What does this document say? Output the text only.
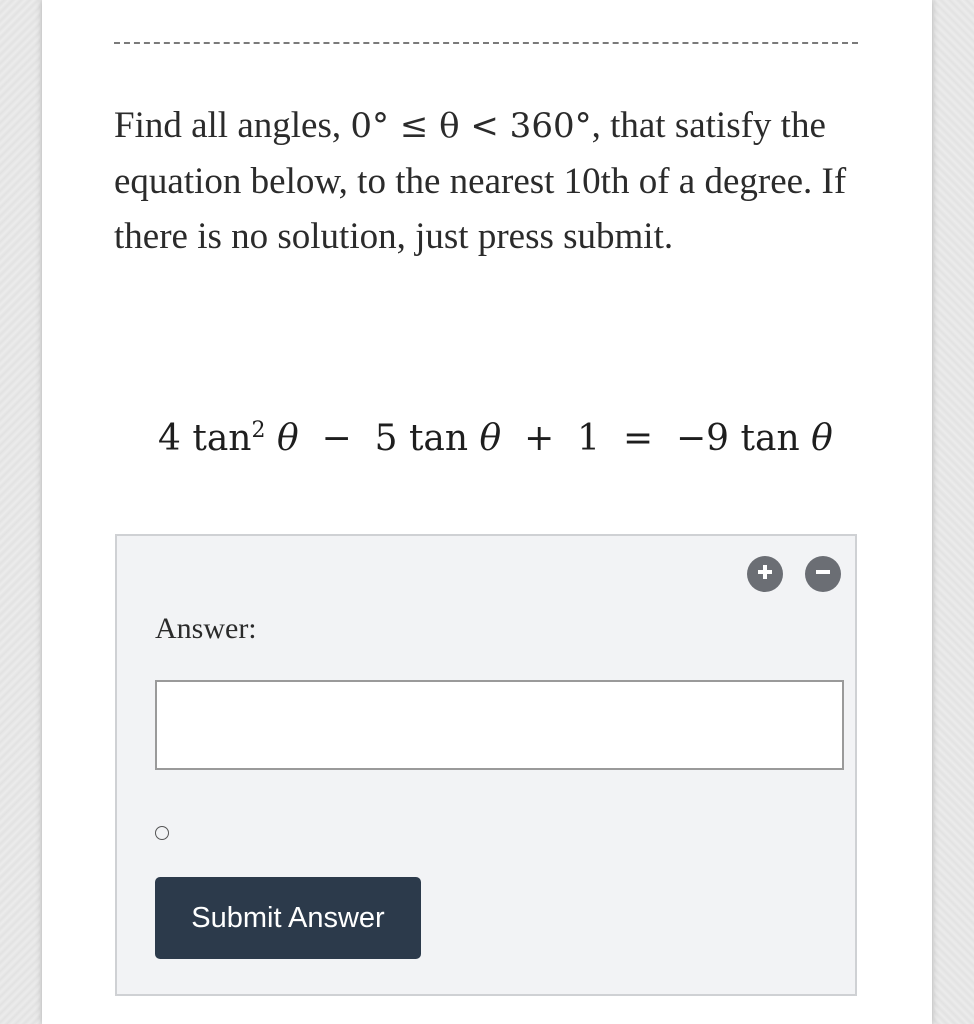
Find all angles, 0° ≤ θ < 360°, that satisfy the equation below, to the nearest 10th of a degree. If there is no solution, just press submit.

4 $\tan^2 \theta - 5$ tan θ + 1 = −9 tan θ
Answer:
Submit Answer
